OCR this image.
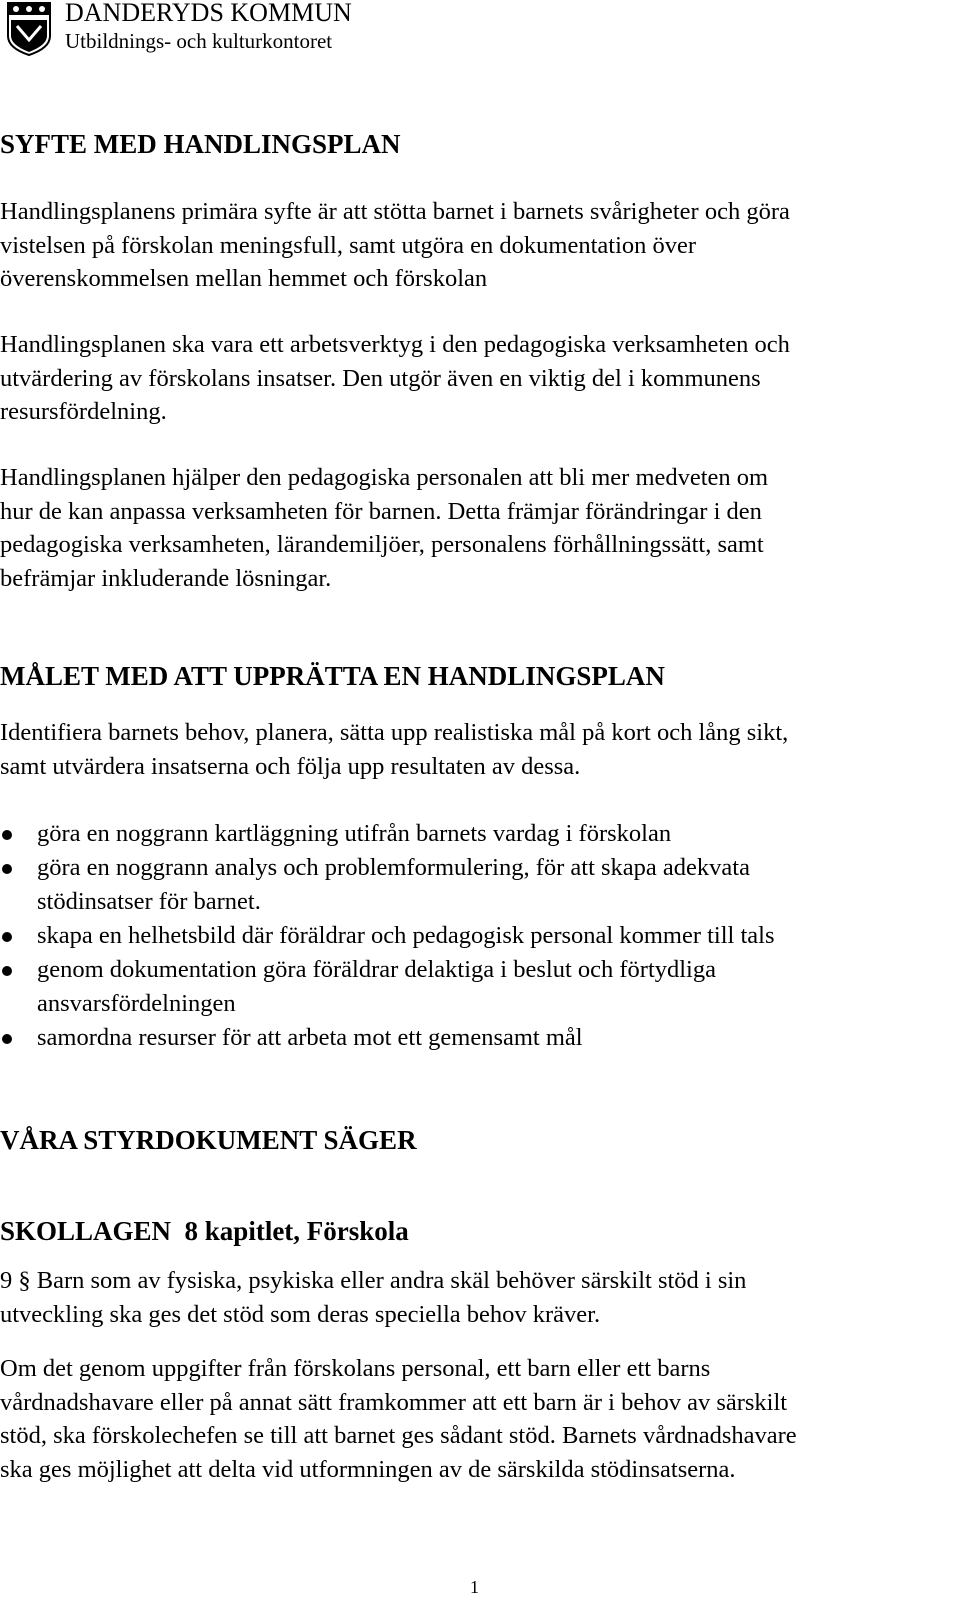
DANDERYDS KOMMUN
Utbildnings- och kulturkontoret
SYFTE MED HANDLINGSPLAN
Handlingsplanens primära syfte är att stötta barnet i barnets svårigheter och göra
vistelsen på förskolan meningsfull, samt utgöra en dokumentation över
överenskommelsen mellan hemmet och förskolan
Handlingsplanen ska vara ett arbetsverktyg i den pedagogiska verksamheten och
utvärdering av förskolans insatser. Den utgör även en viktig del i kommunens
resursfördelning.
Handlingsplanen hjälper den pedagogiska personalen att bli mer medveten om
hur de kan anpassa verksamheten för barnen. Detta främjar förändringar i den
pedagogiska verksamheten, lärandemiljöer, personalens förhållningssätt, samt
befrämjar inkluderande lösningar.
MÅLET MED ATT UPPRÄTTA EN HANDLINGSPLAN
Identifiera barnets behov, planera, sätta upp realistiska mål på kort och lång sikt,
samt utvärdera insatserna och följa upp resultaten av dessa.
göra en noggrann kartläggning utifrån barnets vardag i förskolan
göra en noggrann analys och problemformulering, för att skapa adekvata
stödinsatser för barnet.
skapa en helhetsbild där föräldrar och pedagogisk personal kommer till tals
genom dokumentation göra föräldrar delaktiga i beslut och förtydliga
ansvarsfördelningen
samordna resurser för att arbeta mot ett gemensamt mål
VÅRA STYRDOKUMENT SÄGER
SKOLLAGEN  8 kapitlet, Förskola
9 § Barn som av fysiska, psykiska eller andra skäl behöver särskilt stöd i sin
utveckling ska ges det stöd som deras speciella behov kräver.
Om det genom uppgifter från förskolans personal, ett barn eller ett barns
vårdnadshavare eller på annat sätt framkommer att ett barn är i behov av särskilt
stöd, ska förskolechefen se till att barnet ges sådant stöd. Barnets vårdnadshavare
ska ges möjlighet att delta vid utformningen av de särskilda stödinsatserna.
1
